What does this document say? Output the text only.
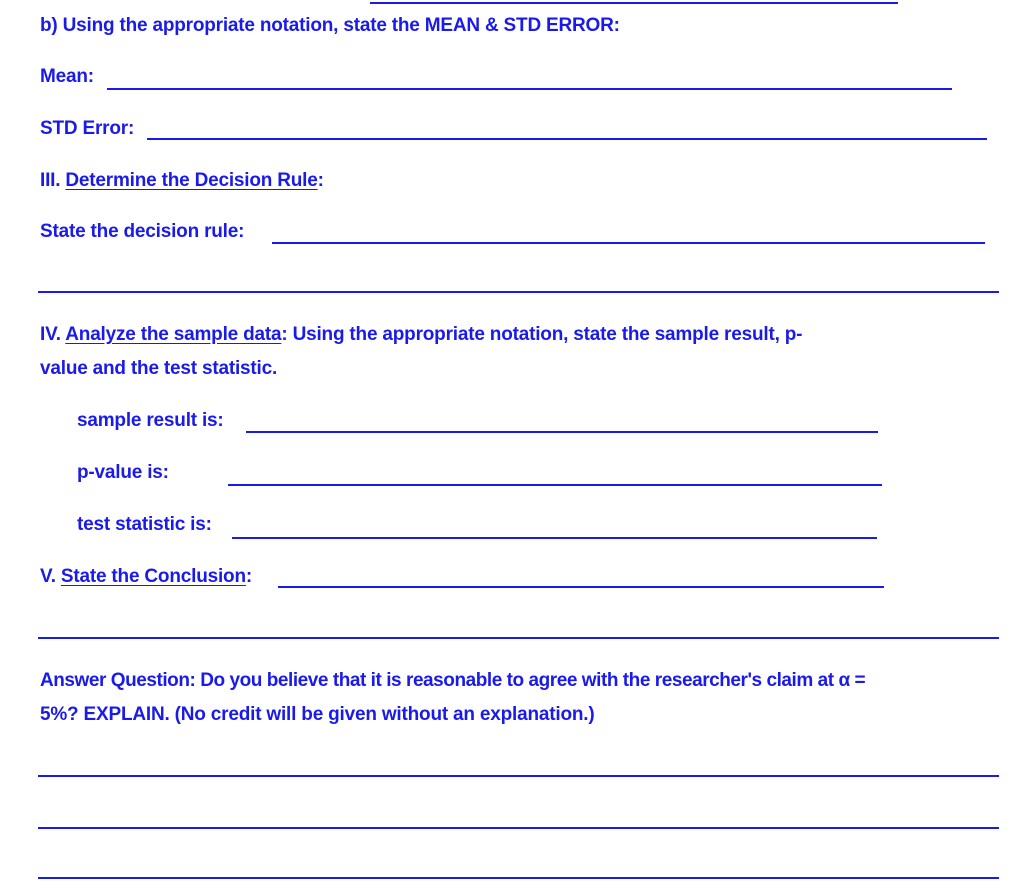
b) Using the appropriate notation, state the MEAN & STD ERROR:
Mean:
STD Error:
III. Determine the Decision Rule:
State the decision rule:
IV. Analyze the sample data: Using the appropriate notation, state the sample result, p-
value and the test statistic.
sample result is:
p-value is:
test statistic is:
V. State the Conclusion:
Answer Question: Do you believe that it is reasonable to agree with the researcher's claim at α =
5%? EXPLAIN. (No credit will be given without an explanation.)
